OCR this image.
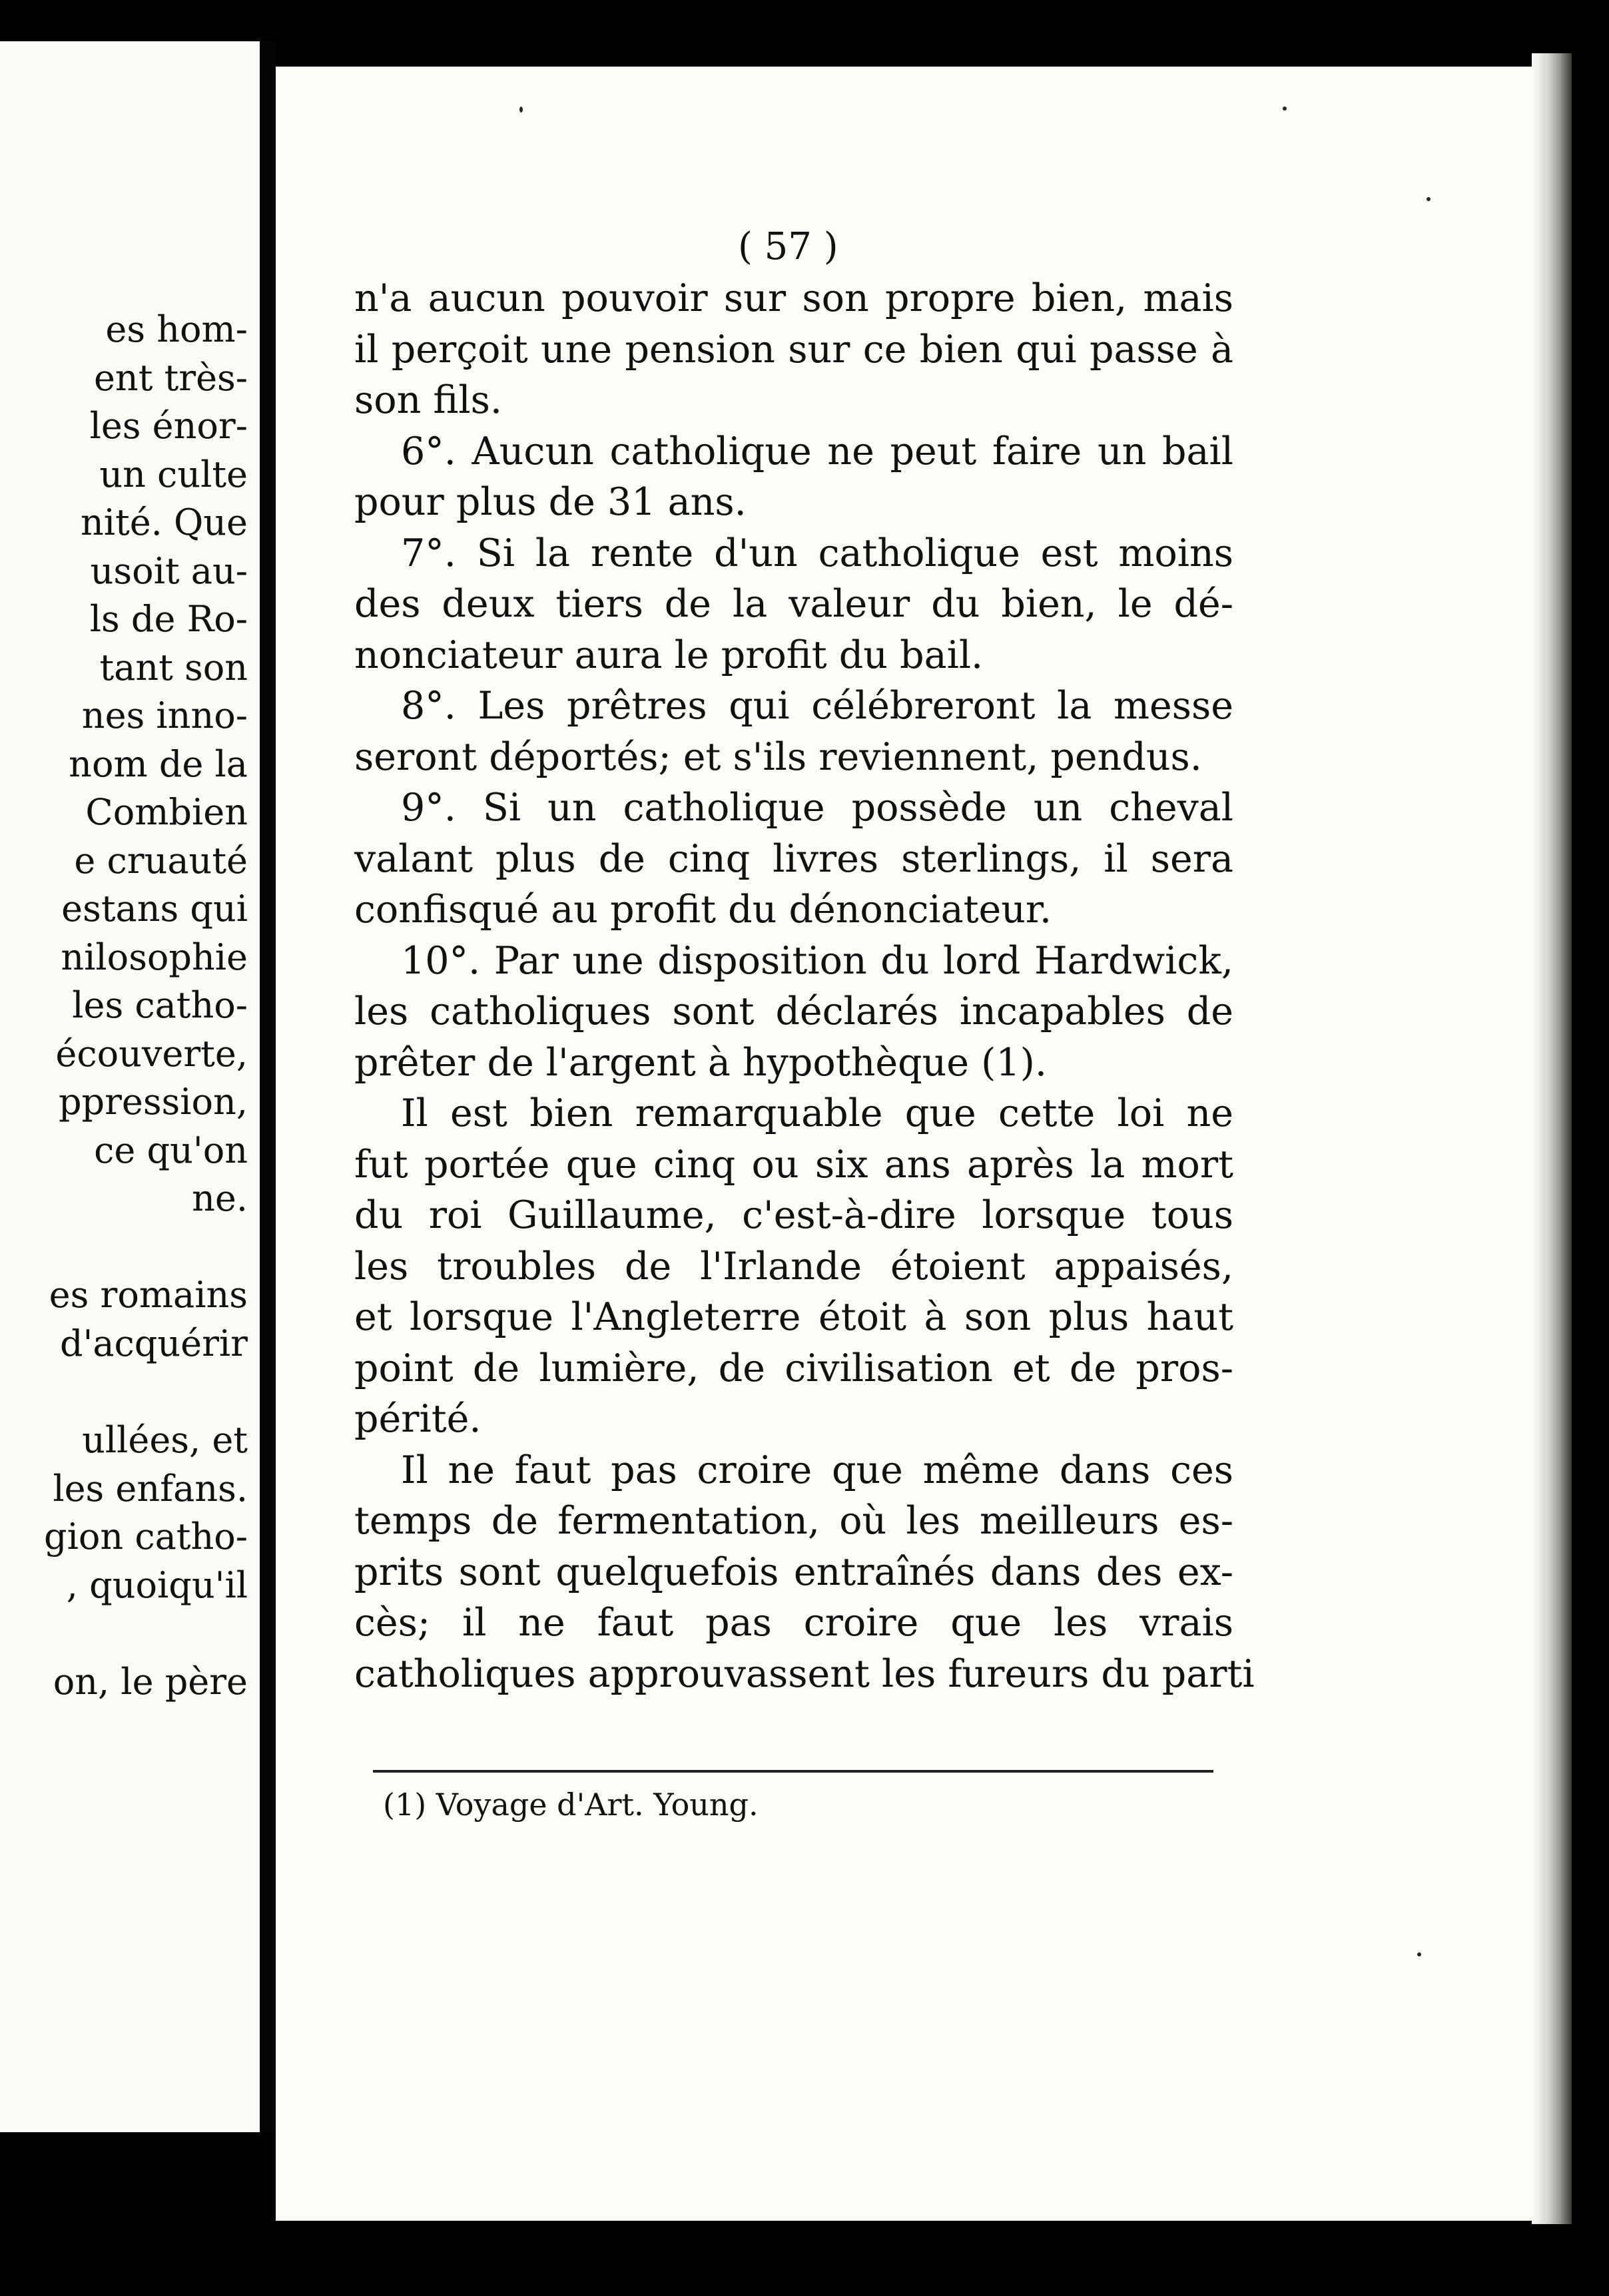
es hom-
ent très-
les énor-
un culte
nité. Que
usoit au-
ls de Ro-
tant son
nes inno-
nom de la
Combien
e cruauté
estans qui
nilosophie
les catho-
écouverte,
ppression,
ce qu'on
ne.
es romains
d'acquérir
ullées, et
les enfans.
gion catho-
, quoiqu'il
on, le père
( 57 )
n'a aucun pouvoir sur son propre bien, mais
il perçoit une pension sur ce bien qui passe à
son fils.
6°. Aucun catholique ne peut faire un bail
pour plus de 31 ans.
7°. Si la rente d'un catholique est moins
des deux tiers de la valeur du bien, le dé-
nonciateur aura le profit du bail.
8°. Les prêtres qui célébreront la messe
seront déportés; et s'ils reviennent, pendus.
9°. Si un catholique possède un cheval
valant plus de cinq livres sterlings, il sera
confisqué au profit du dénonciateur.
10°. Par une disposition du lord Hardwick,
les catholiques sont déclarés incapables de
prêter de l'argent à hypothèque (1).
Il est bien remarquable que cette loi ne
fut portée que cinq ou six ans après la mort
du roi Guillaume, c'est-à-dire lorsque tous
les troubles de l'Irlande étoient appaisés,
et lorsque l'Angleterre étoit à son plus haut
point de lumière, de civilisation et de pros-
périté.
Il ne faut pas croire que même dans ces
temps de fermentation, où les meilleurs es-
prits sont quelquefois entraînés dans des ex-
cès; il ne faut pas croire que les vrais
catholiques approuvassent les fureurs du parti
(1) Voyage d'Art. Young.
